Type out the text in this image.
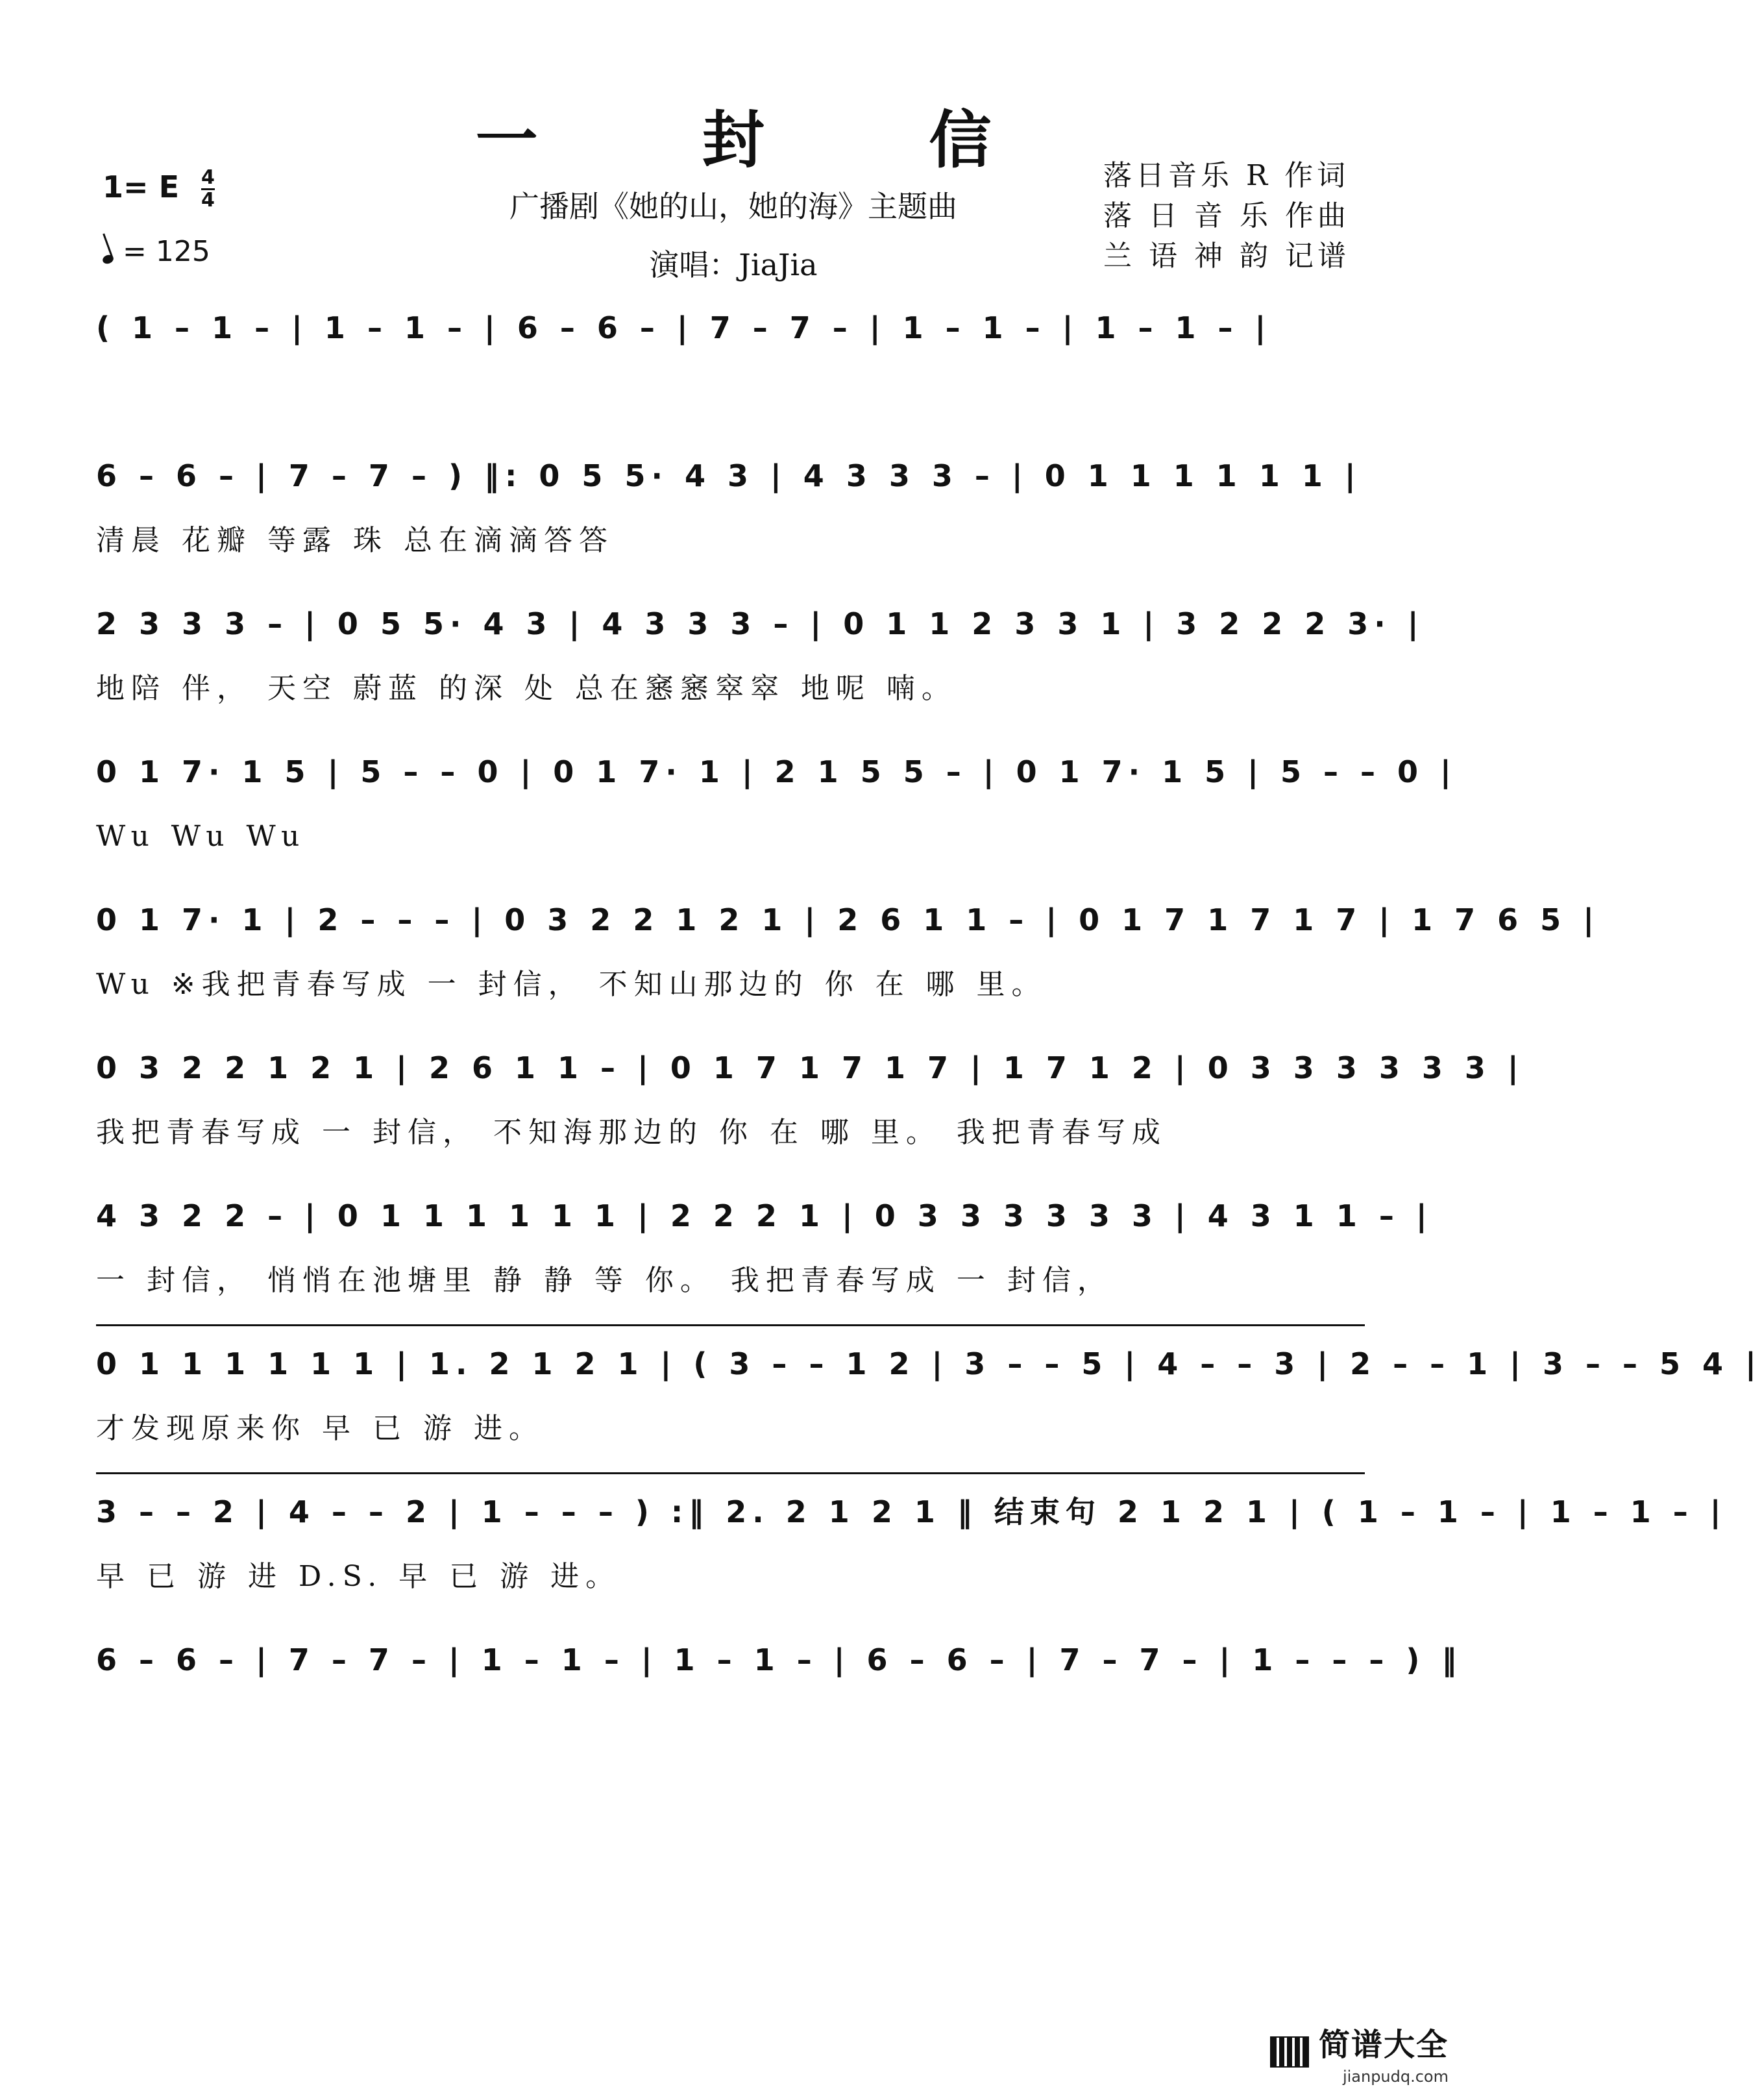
一 封 信
广播剧《她的山，她的海》主题曲
演唱：JiaJia
1= E $\frac{4}{4}$
= 125
落日音乐 R 作词
落 日 音 乐 作曲
兰 语 神 韵 记谱
( 1 – 1 – | 1 – 1 – | 6 – 6 – | 7 – 7 – | 1 – 1 – | 1 – 1 – |
6 – 6 – | 7 – 7 – ) ‖: 0 5 5· 4 3 | 4 3 3 3 – | 0 1 1 1 1 1 1 |
清晨 花瓣 等露 珠 总在滴滴答答
2 3 3 3 – | 0 5 5· 4 3 | 4 3 3 3 – | 0 1 1 2 3 3 1 | 3 2 2 2 3· |
地陪 伴， 天空 蔚蓝 的深 处 总在窸窸窣窣 地呢 喃。
0 1 7· 1 5 | 5 – – 0 | 0 1 7· 1 | 2 1 5 5 – | 0 1 7· 1 5 | 5 – – 0 |
Wu Wu Wu
0 1 7· 1 | 2 – – – | 0 3 2 2 1 2 1 | 2 6 1 1 – | 0 1 7 1 7 1 7 | 1 7 6 5 |
Wu ※我把青春写成 一 封信， 不知山那边的 你 在 哪 里。
0 3 2 2 1 2 1 | 2 6 1 1 – | 0 1 7 1 7 1 7 | 1 7 1 2 | 0 3 3 3 3 3 3 |
我把青春写成 一 封信， 不知海那边的 你 在 哪 里。 我把青春写成
4 3 2 2 – | 0 1 1 1 1 1 1 | 2 2 2 1 | 0 3 3 3 3 3 3 | 4 3 1 1 – |
一 封信， 悄悄在池塘里 静 静 等 你。 我把青春写成 一 封信，
0 1 1 1 1 1 1 | 1. 2 1 2 1 | ( 3 – – 1 2 | 3 – – 5 | 4 – – 3 | 2 – – 1 | 3 – – 5 4 |
才发现原来你 早 已 游 进。
3 – – 2 | 4 – – 2 | 1 – – – ) :‖ 2. 2 1 2 1 ‖ 结束句 2 1 2 1 | ( 1 – 1 – | 1 – 1 – |
早 已 游 进 D.S. 早 已 游 进。
6 – 6 – | 7 – 7 – | 1 – 1 – | 1 – 1 – | 6 – 6 – | 7 – 7 – | 1 – – – ) ‖
简谱大全
jianpudq.com
